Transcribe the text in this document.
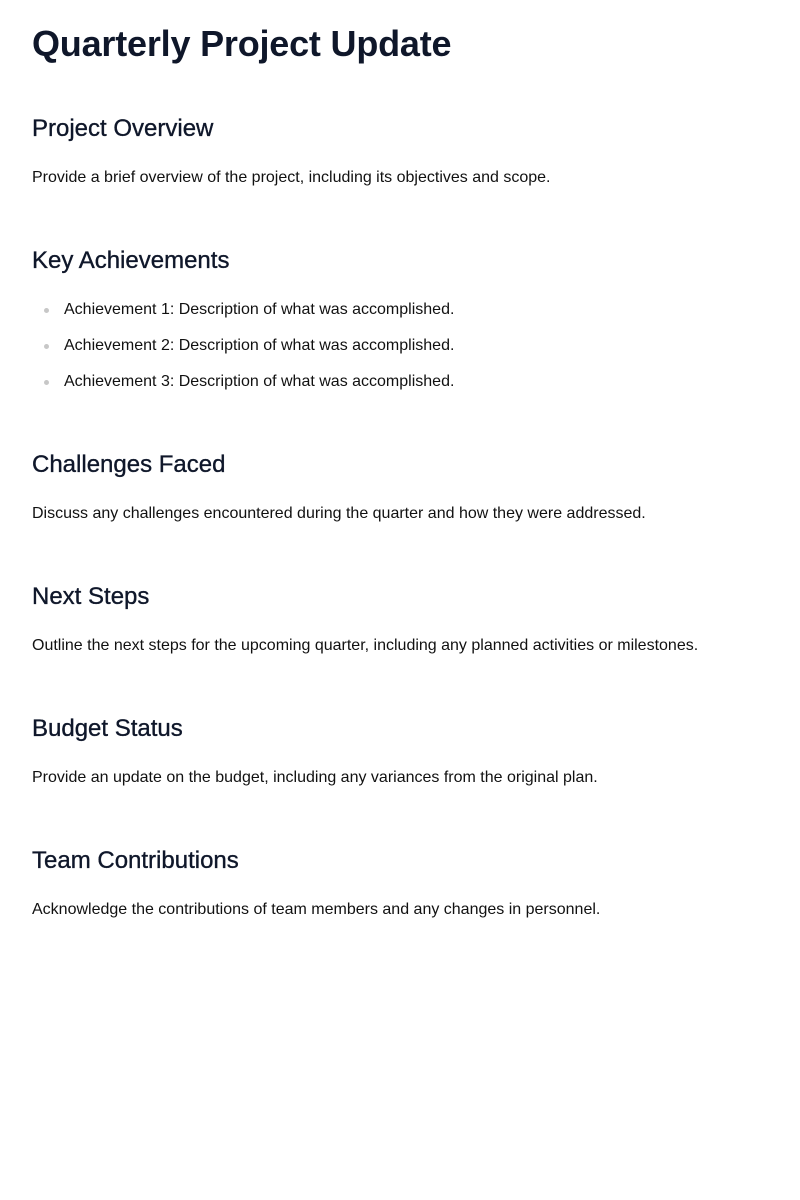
Quarterly Project Update
Project Overview

Provide a brief overview of the project, including its objectives and scope.

Key Achievements
Achievement 1: Description of what was accomplished.
Achievement 2: Description of what was accomplished.
Achievement 3: Description of what was accomplished.
Challenges Faced

Discuss any challenges encountered during the quarter and how they were addressed.

Next Steps

Outline the next steps for the upcoming quarter, including any planned activities or milestones.

Budget Status

Provide an update on the budget, including any variances from the original plan.

Team Contributions

Acknowledge the contributions of team members and any changes in personnel.
